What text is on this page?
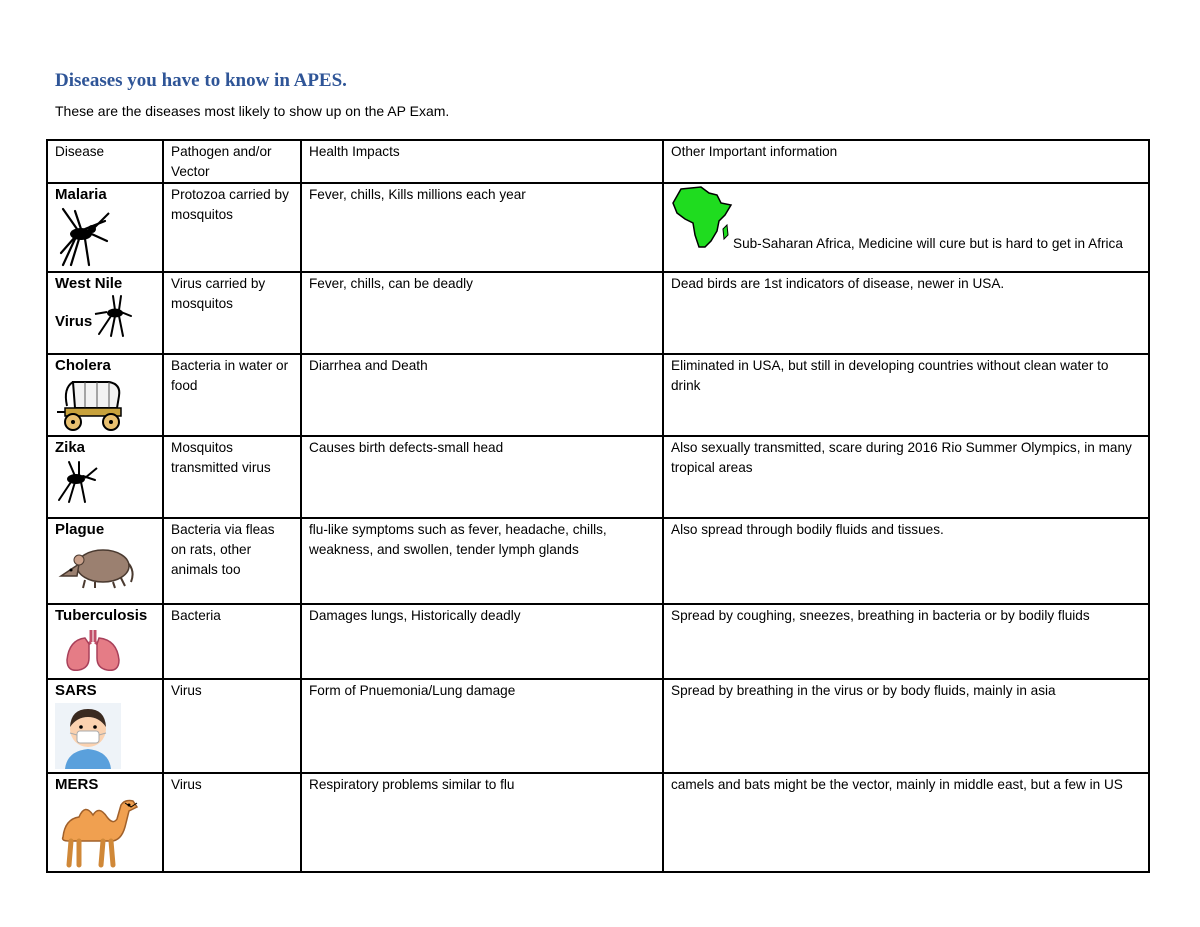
Diseases you have to know in APES.
These are the diseases most likely to show up on the AP Exam.
Disease	Pathogen and/or Vector	Health Impacts	Other Important information

Malaria	Protozoa carried by mosquitos	Fever, chills, Kills millions each year	Sub-Saharan Africa, Medicine will cure but is hard to get in Africa

West Nile
Virus	Virus carried by mosquitos	Fever, chills, can be deadly	Dead birds are 1st indicators of disease, newer in USA.

Cholera	Bacteria in water or food	Diarrhea and Death	Eliminated in USA, but still in developing countries without clean water to drink

Zika	Mosquitos transmitted virus	Causes birth defects-small head	Also sexually transmitted, scare during 2016 Rio Summer Olympics, in many tropical areas

Plague	Bacteria via fleas on rats, other animals too	flu-like symptoms such as fever, headache, chills, weakness, and swollen, tender lymph glands	Also spread through bodily fluids and tissues.

Tuberculosis	Bacteria	Damages lungs, Historically deadly	Spread by coughing, sneezes, breathing in bacteria or by bodily fluids

SARS	Virus	Form of Pnuemonia/Lung damage	Spread by breathing in the virus or by body fluids, mainly in asia

MERS	Virus	Respiratory problems similar to flu	camels and bats might be the vector, mainly in middle east, but a few in US
